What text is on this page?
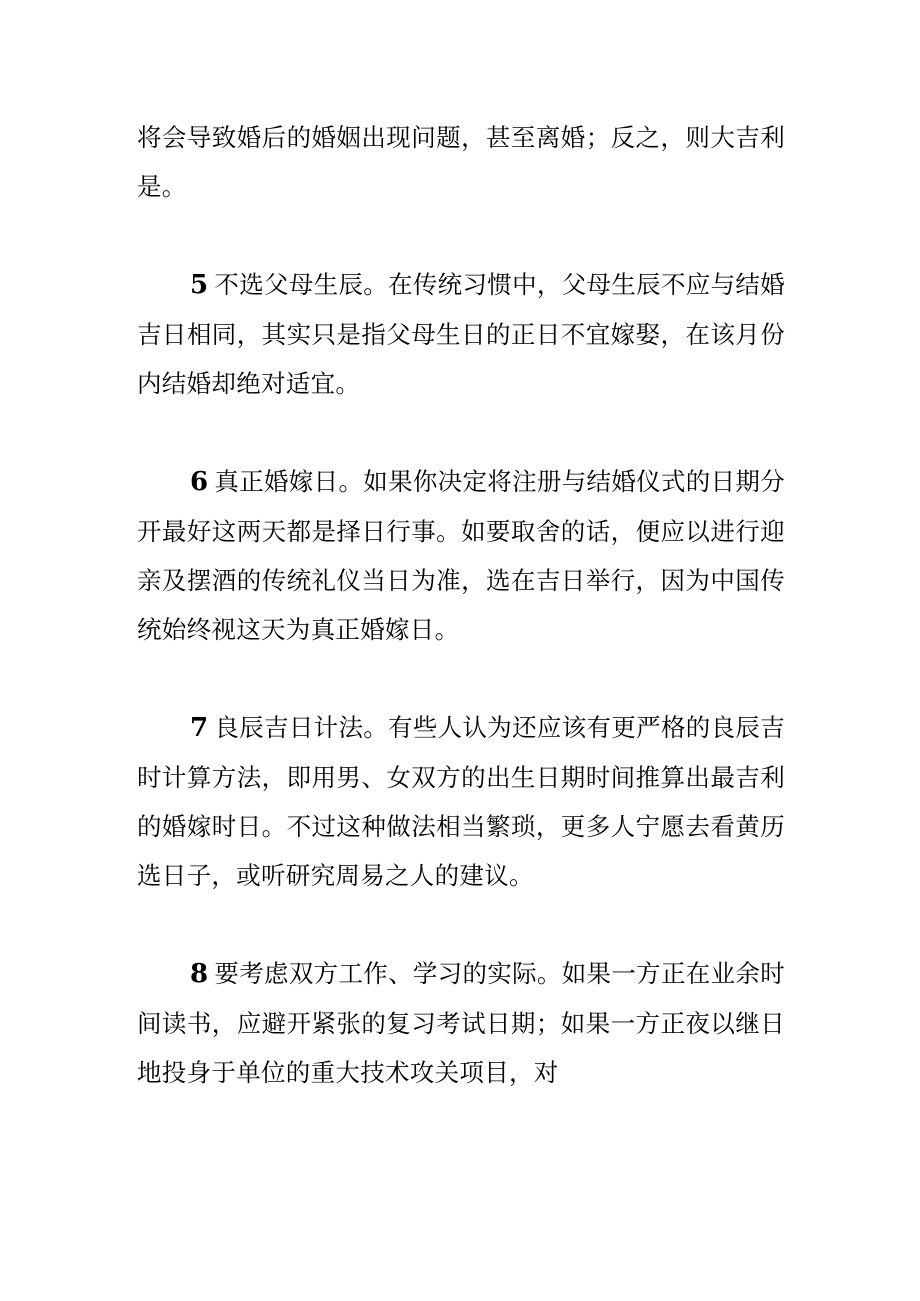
将会导致婚后的婚姻出现问题，甚至离婚；反之，则大吉利是。

5 不选父母生辰。在传统习惯中，父母生辰不应与结婚吉日相同，其实只是指父母生日的正日不宜嫁娶，在该月份内结婚却绝对适宜。

6 真正婚嫁日。如果你决定将注册与结婚仪式的日期分开最好这两天都是择日行事。如要取舍的话，便应以进行迎亲及摆酒的传统礼仪当日为准，选在吉日举行，因为中国传统始终视这天为真正婚嫁日。

7 良辰吉日计法。有些人认为还应该有更严格的良辰吉时计算方法，即用男、女双方的出生日期时间推算出最吉利的婚嫁时日。不过这种做法相当繁琐，更多人宁愿去看黄历选日子，或听研究周易之人的建议。

8 要考虑双方工作、学习的实际。如果一方正在业余时间读书，应避开紧张的复习考试日期；如果一方正夜以继日地投身于单位的重大技术攻关项目，对
